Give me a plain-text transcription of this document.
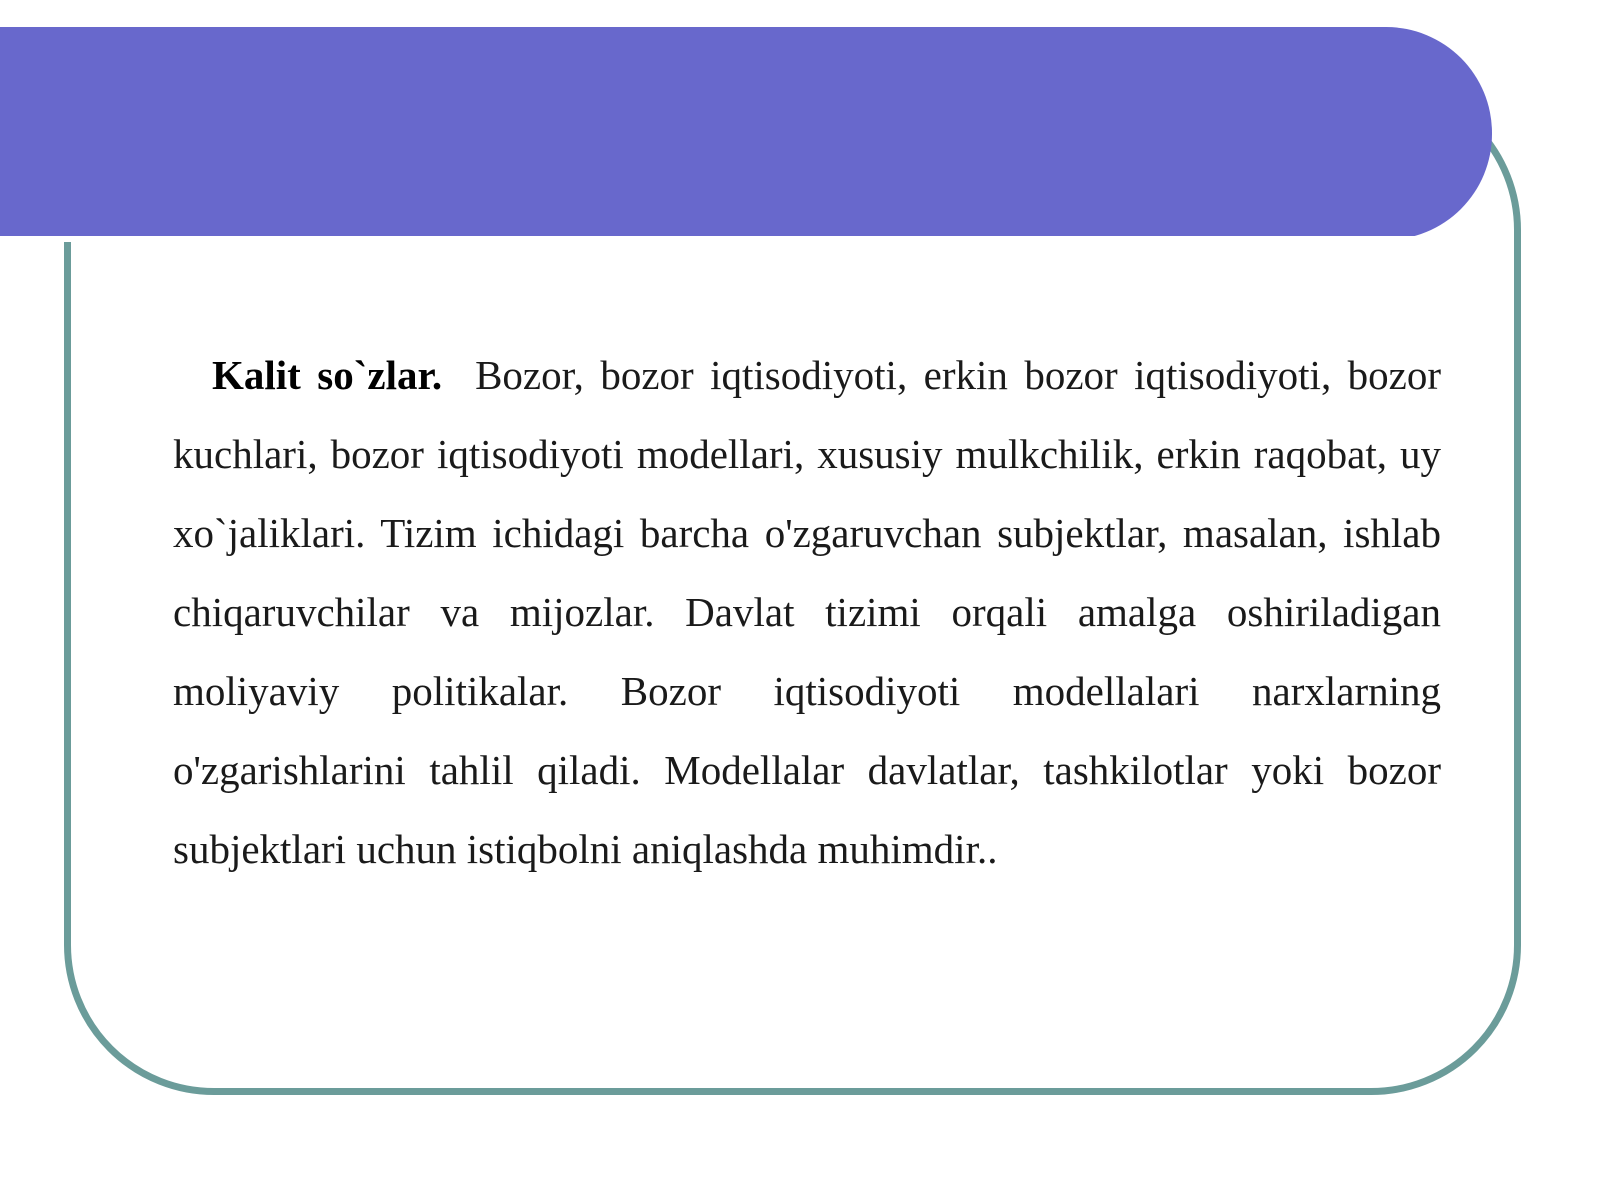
Kalit so`zlar. Bozor, bozor iqtisodiyoti, erkin bozor iqtisodiyoti, bozor kuchlari, bozor iqtisodiyoti modellari, xususiy mulkchilik, erkin raqobat, uy xo`jaliklari. Tizim ichidagi barcha o'zgaruvchan subjektlar, masalan, ishlab chiqaruvchilar va mijozlar. Davlat tizimi orqali amalga oshiriladigan moliyaviy politikalar. Bozor iqtisodiyoti modellalari narxlarning o'zgarishlarini tahlil qiladi. Modellalar davlatlar, tashkilotlar yoki bozor subjektlari uchun istiqbolni aniqlashda muhimdir..
